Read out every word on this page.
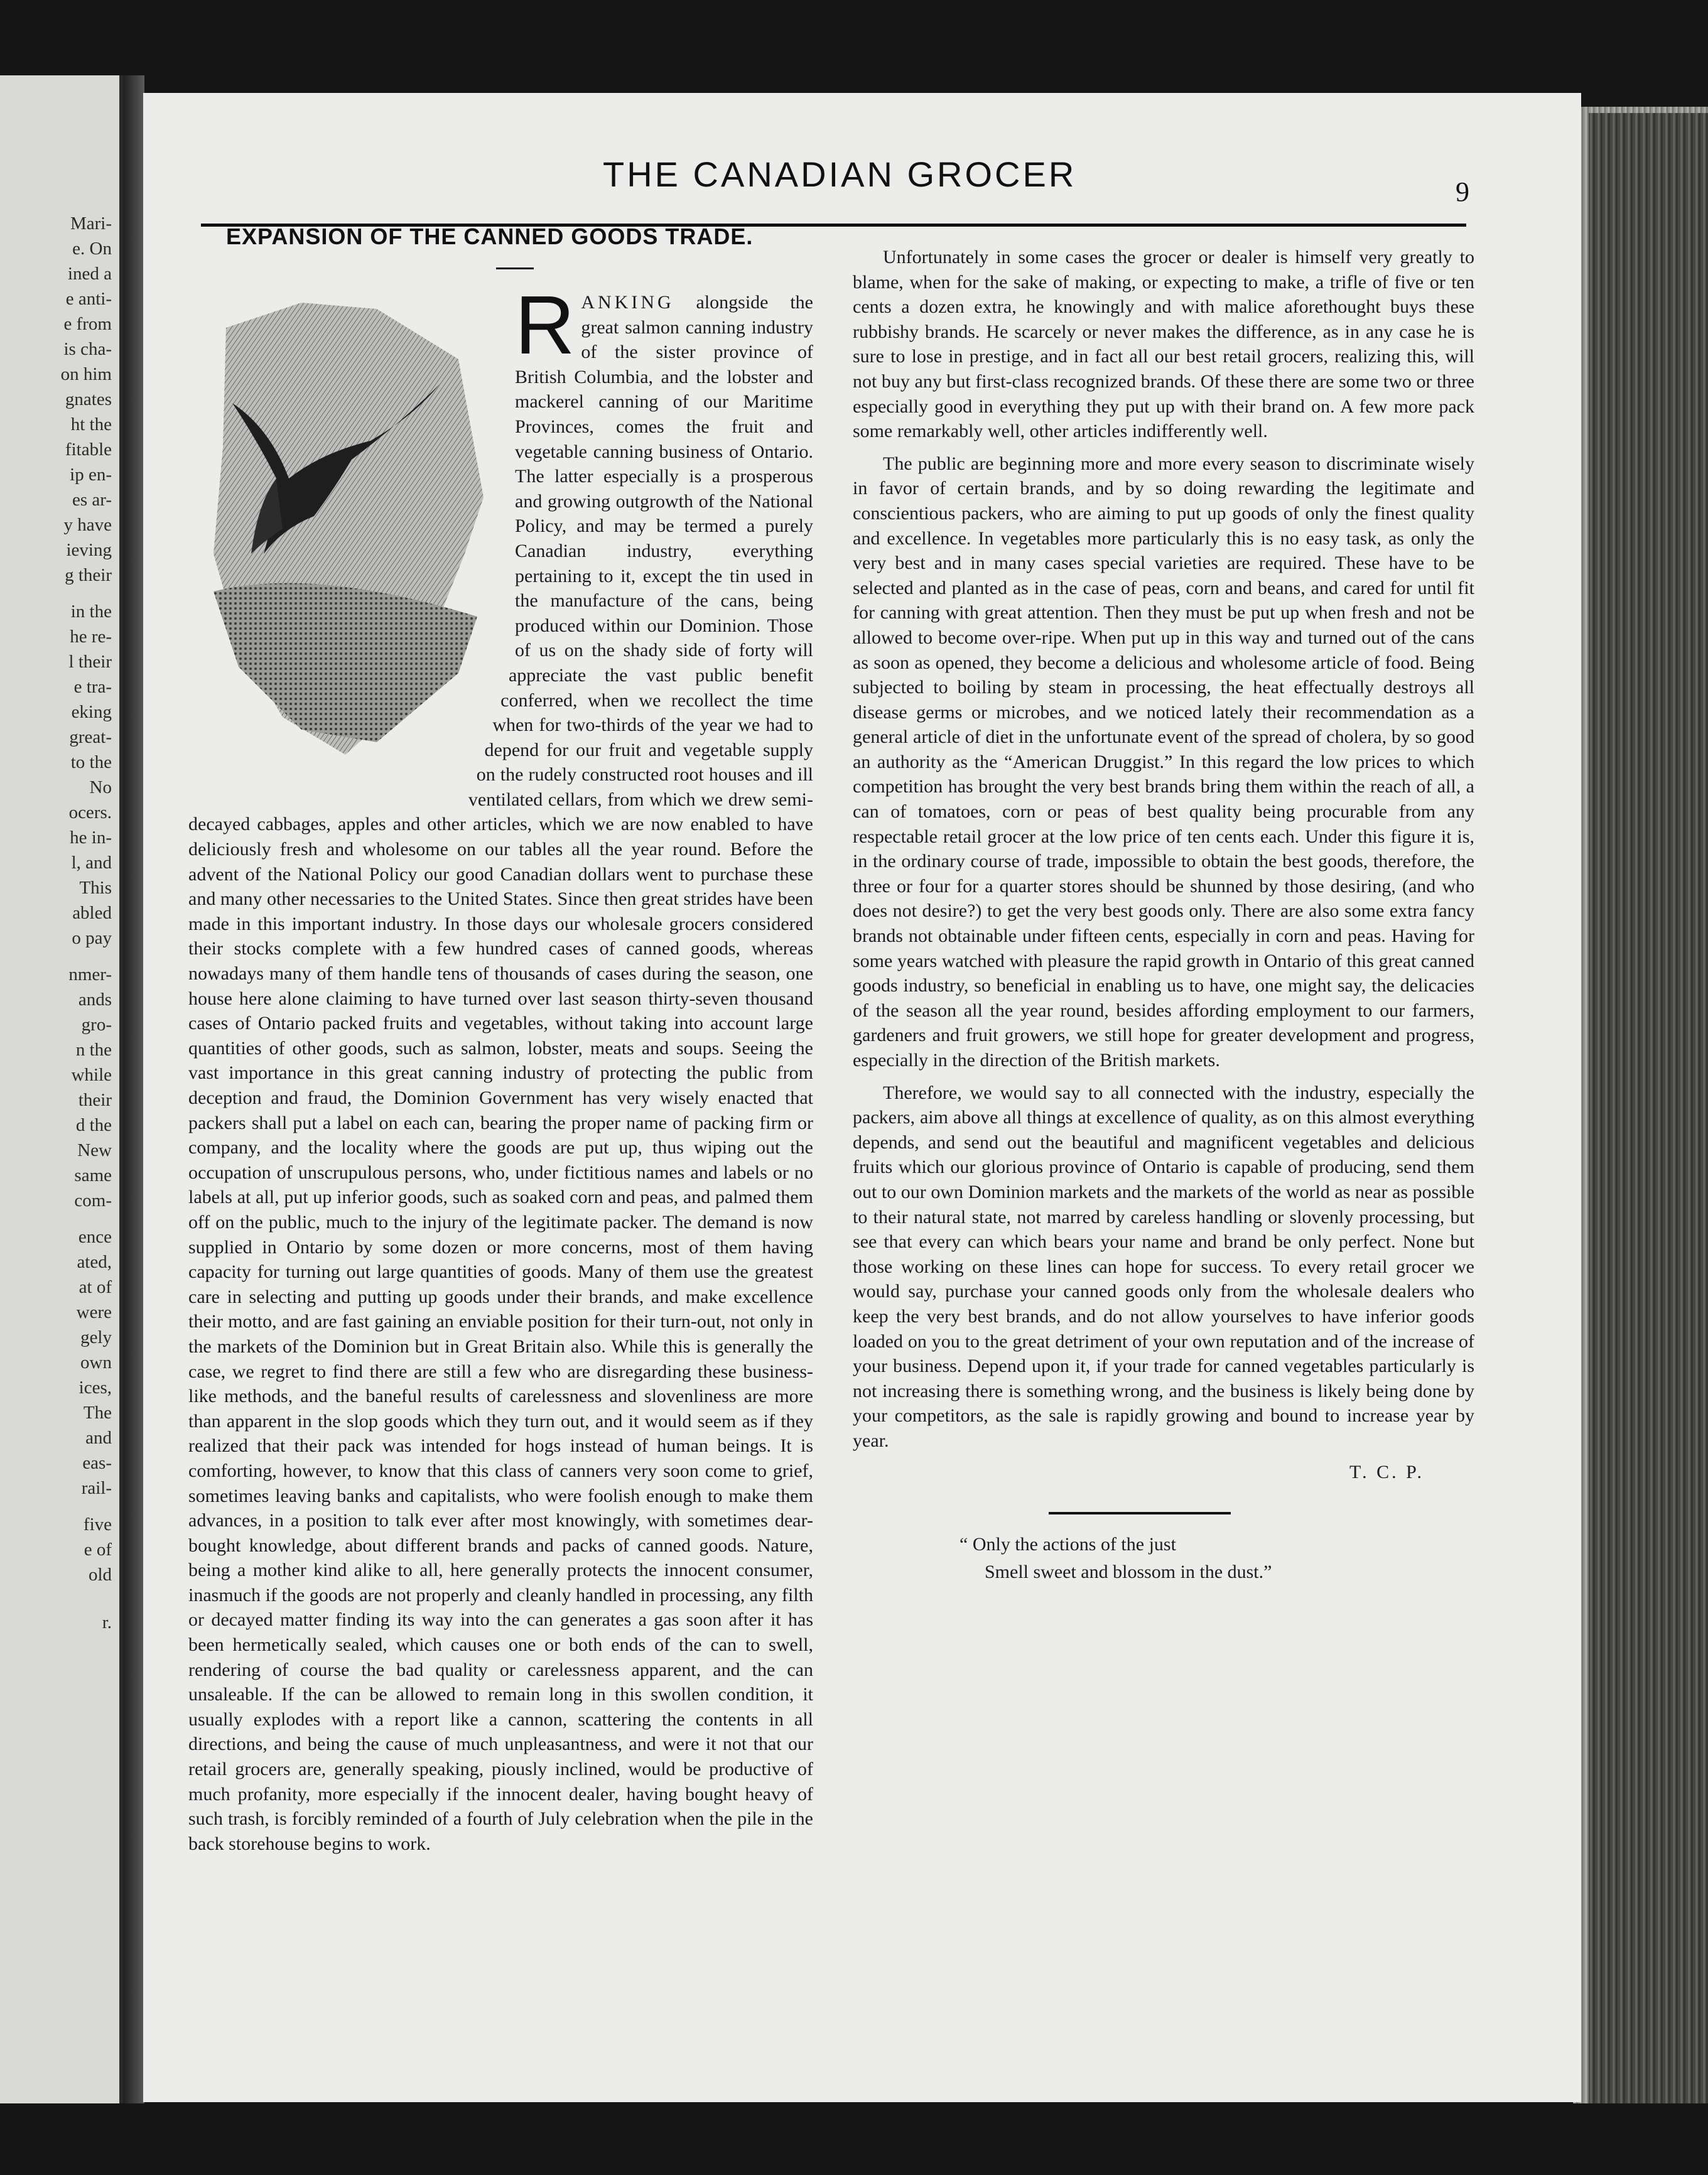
Mari-
e. On
ined a
e anti-
e from
is cha-
on him
gnates
ht the
fitable
ip en-
es ar-
y have
ieving
g their
in the
he re-
l their
e tra-
eking
great-
to the
No
ocers.
he in-
l, and
This
abled
o pay
nmer-
ands
gro-
n the
while
their
d the
New
same
com-
ence
ated,
at of
were
gely
own
ices,
The
and
eas-
rail-
five
e of
old
r.
THE CANADIAN GROCER	9
EXPANSION OF THE CANNED GOODS TRADE.
R ANKING alongside the great salmon canning industry of the sister province of British Columbia, and the lobster and mackerel canning of our Maritime Provinces, comes the fruit and vegetable canning business of Ontario. The latter especially is a prosperous and growing outgrowth of the National Policy, and may be termed a purely Canadian industry, everything pertaining to it, except the tin used in the manufacture of the cans, being produced within our Dominion. Those of us on the shady side of forty will appreciate the vast public benefit conferred, when we recollect the time when for two-thirds of the year we had to depend for our fruit and vegetable supply on the rudely constructed root houses and ill ventilated cellars, from which we drew semi-decayed cabbages, apples and other articles, which we are now enabled to have deliciously fresh and wholesome on our tables all the year round. Before the advent of the National Policy our good Canadian dollars went to purchase these and many other necessaries to the United States. Since then great strides have been made in this important industry. In those days our wholesale grocers considered their stocks complete with a few hundred cases of canned goods, whereas nowadays many of them handle tens of thousands of cases during the season, one house here alone claiming to have turned over last season thirty-seven thousand cases of Ontario packed fruits and vegetables, without taking into account large quantities of other goods, such as salmon, lobster, meats and soups. Seeing the vast importance in this great canning industry of protecting the public from deception and fraud, the Dominion Government has very wisely enacted that packers shall put a label on each can, bearing the proper name of packing firm or company, and the locality where the goods are put up, thus wiping out the occupation of unscrupulous persons, who, under fictitious names and labels or no labels at all, put up inferior goods, such as soaked corn and peas, and palmed them off on the public, much to the injury of the legitimate packer. The demand is now supplied in Ontario by some dozen or more concerns, most of them having capacity for turning out large quantities of goods. Many of them use the greatest care in selecting and putting up goods under their brands, and make excellence their motto, and are fast gaining an enviable position for their turn-out, not only in the markets of the Dominion but in Great Britain also. While this is generally the case, we regret to find there are still a few who are disregarding these business-like methods, and the baneful results of carelessness and slovenliness are more than apparent in the slop goods which they turn out, and it would seem as if they realized that their pack was intended for hogs instead of human beings. It is comforting, however, to know that this class of canners very soon come to grief, sometimes leaving banks and capitalists, who were foolish enough to make them advances, in a position to talk ever after most knowingly, with sometimes dear-bought knowledge, about different brands and packs of canned goods. Nature, being a mother kind alike to all, here generally protects the innocent consumer, inasmuch if the goods are not properly and cleanly handled in processing, any filth or decayed matter finding its way into the can generates a gas soon after it has been hermetically sealed, which causes one or both ends of the can to swell, rendering of course the bad quality or carelessness apparent, and the can unsaleable. If the can be allowed to remain long in this swollen condition, it usually explodes with a report like a cannon, scattering the contents in all directions, and being the cause of much unpleasantness, and were it not that our retail grocers are, generally speaking, piously inclined, would be productive of much profanity, more especially if the innocent dealer, having bought heavy of such trash, is forcibly reminded of a fourth of July celebration when the pile in the back storehouse begins to work.

Unfortunately in some cases the grocer or dealer is himself very greatly to blame, when for the sake of making, or expecting to make, a trifle of five or ten cents a dozen extra, he knowingly and with malice aforethought buys these rubbishy brands. He scarcely or never makes the difference, as in any case he is sure to lose in prestige, and in fact all our best retail grocers, realizing this, will not buy any but first-class recognized brands. Of these there are some two or three especially good in everything they put up with their brand on. A few more pack some remarkably well, other articles indifferently well.

The public are beginning more and more every season to discriminate wisely in favor of certain brands, and by so doing rewarding the legitimate and conscientious packers, who are aiming to put up goods of only the finest quality and excellence. In vegetables more particularly this is no easy task, as only the very best and in many cases special varieties are required. These have to be selected and planted as in the case of peas, corn and beans, and cared for until fit for canning with great attention. Then they must be put up when fresh and not be allowed to become over-ripe. When put up in this way and turned out of the cans as soon as opened, they become a delicious and wholesome article of food. Being subjected to boiling by steam in processing, the heat effectually destroys all disease germs or microbes, and we noticed lately their recommendation as a general article of diet in the unfortunate event of the spread of cholera, by so good an authority as the “American Druggist.” In this regard the low prices to which competition has brought the very best brands bring them within the reach of all, a can of tomatoes, corn or peas of best quality being procurable from any respectable retail grocer at the low price of ten cents each. Under this figure it is, in the ordinary course of trade, impossible to obtain the best goods, therefore, the three or four for a quarter stores should be shunned by those desiring, (and who does not desire?) to get the very best goods only. There are also some extra fancy brands not obtainable under fifteen cents, especially in corn and peas. Having for some years watched with pleasure the rapid growth in Ontario of this great canned goods industry, so beneficial in enabling us to have, one might say, the delicacies of the season all the year round, besides affording employment to our farmers, gardeners and fruit growers, we still hope for greater development and progress, especially in the direction of the British markets.

Therefore, we would say to all connected with the industry, especially the packers, aim above all things at excellence of quality, as on this almost everything depends, and send out the beautiful and magnificent vegetables and delicious fruits which our glorious province of Ontario is capable of producing, send them out to our own Dominion markets and the markets of the world as near as possible to their natural state, not marred by careless handling or slovenly processing, but see that every can which bears your name and brand be only perfect. None but those working on these lines can hope for success. To every retail grocer we would say, purchase your canned goods only from the wholesale dealers who keep the very best brands, and do not allow yourselves to have inferior goods loaded on you to the great detriment of your own reputation and of the increase of your business. Depend upon it, if your trade for canned vegetables particularly is not increasing there is something wrong, and the business is likely being done by your competitors, as the sale is rapidly growing and bound to increase year by year.

T. C. P.
“ Only the actions of the just
Smell sweet and blossom in the dust.”
